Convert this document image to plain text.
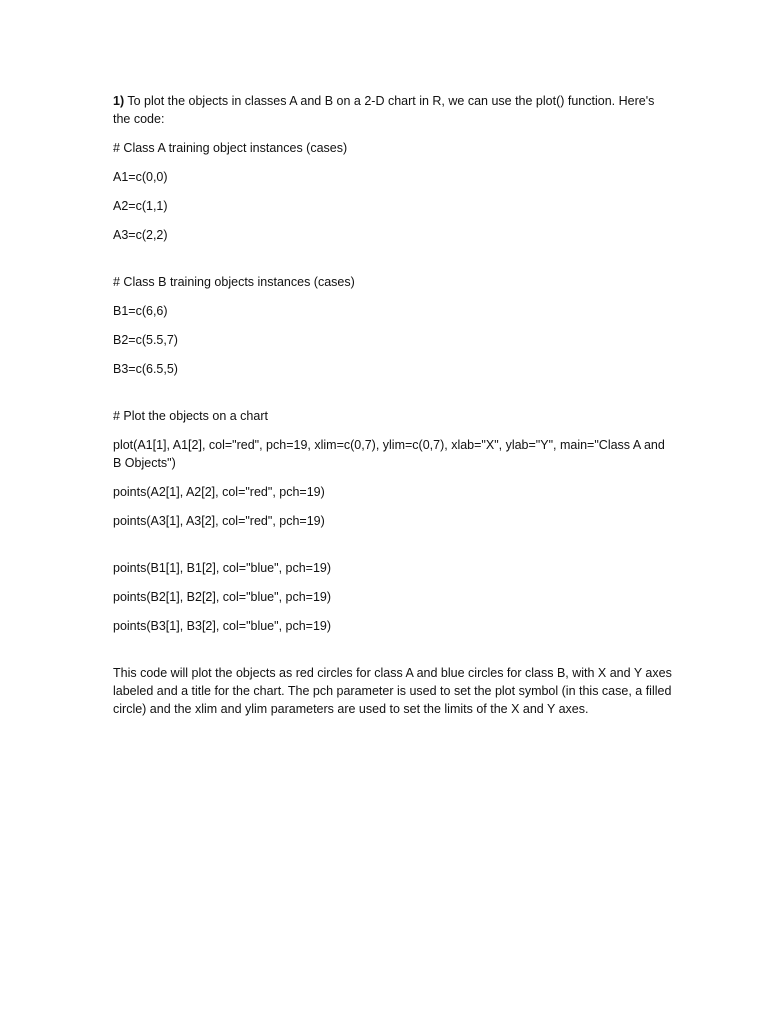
1) To plot the objects in classes A and B on a 2-D chart in R, we can use the plot() function. Here's the code:

# Class A training object instances (cases)

A1=c(0,0)

A2=c(1,1)

A3=c(2,2)

# Class B training objects instances (cases)

B1=c(6,6)

B2=c(5.5,7)

B3=c(6.5,5)

# Plot the objects on a chart

plot(A1[1], A1[2], col="red", pch=19, xlim=c(0,7), ylim=c(0,7), xlab="X", ylab="Y", main="Class A and B Objects")

points(A2[1], A2[2], col="red", pch=19)

points(A3[1], A3[2], col="red", pch=19)

points(B1[1], B1[2], col="blue", pch=19)

points(B2[1], B2[2], col="blue", pch=19)

points(B3[1], B3[2], col="blue", pch=19)

This code will plot the objects as red circles for class A and blue circles for class B, with X and Y axes labeled and a title for the chart. The pch parameter is used to set the plot symbol (in this case, a filled circle) and the xlim and ylim parameters are used to set the limits of the X and Y axes.
